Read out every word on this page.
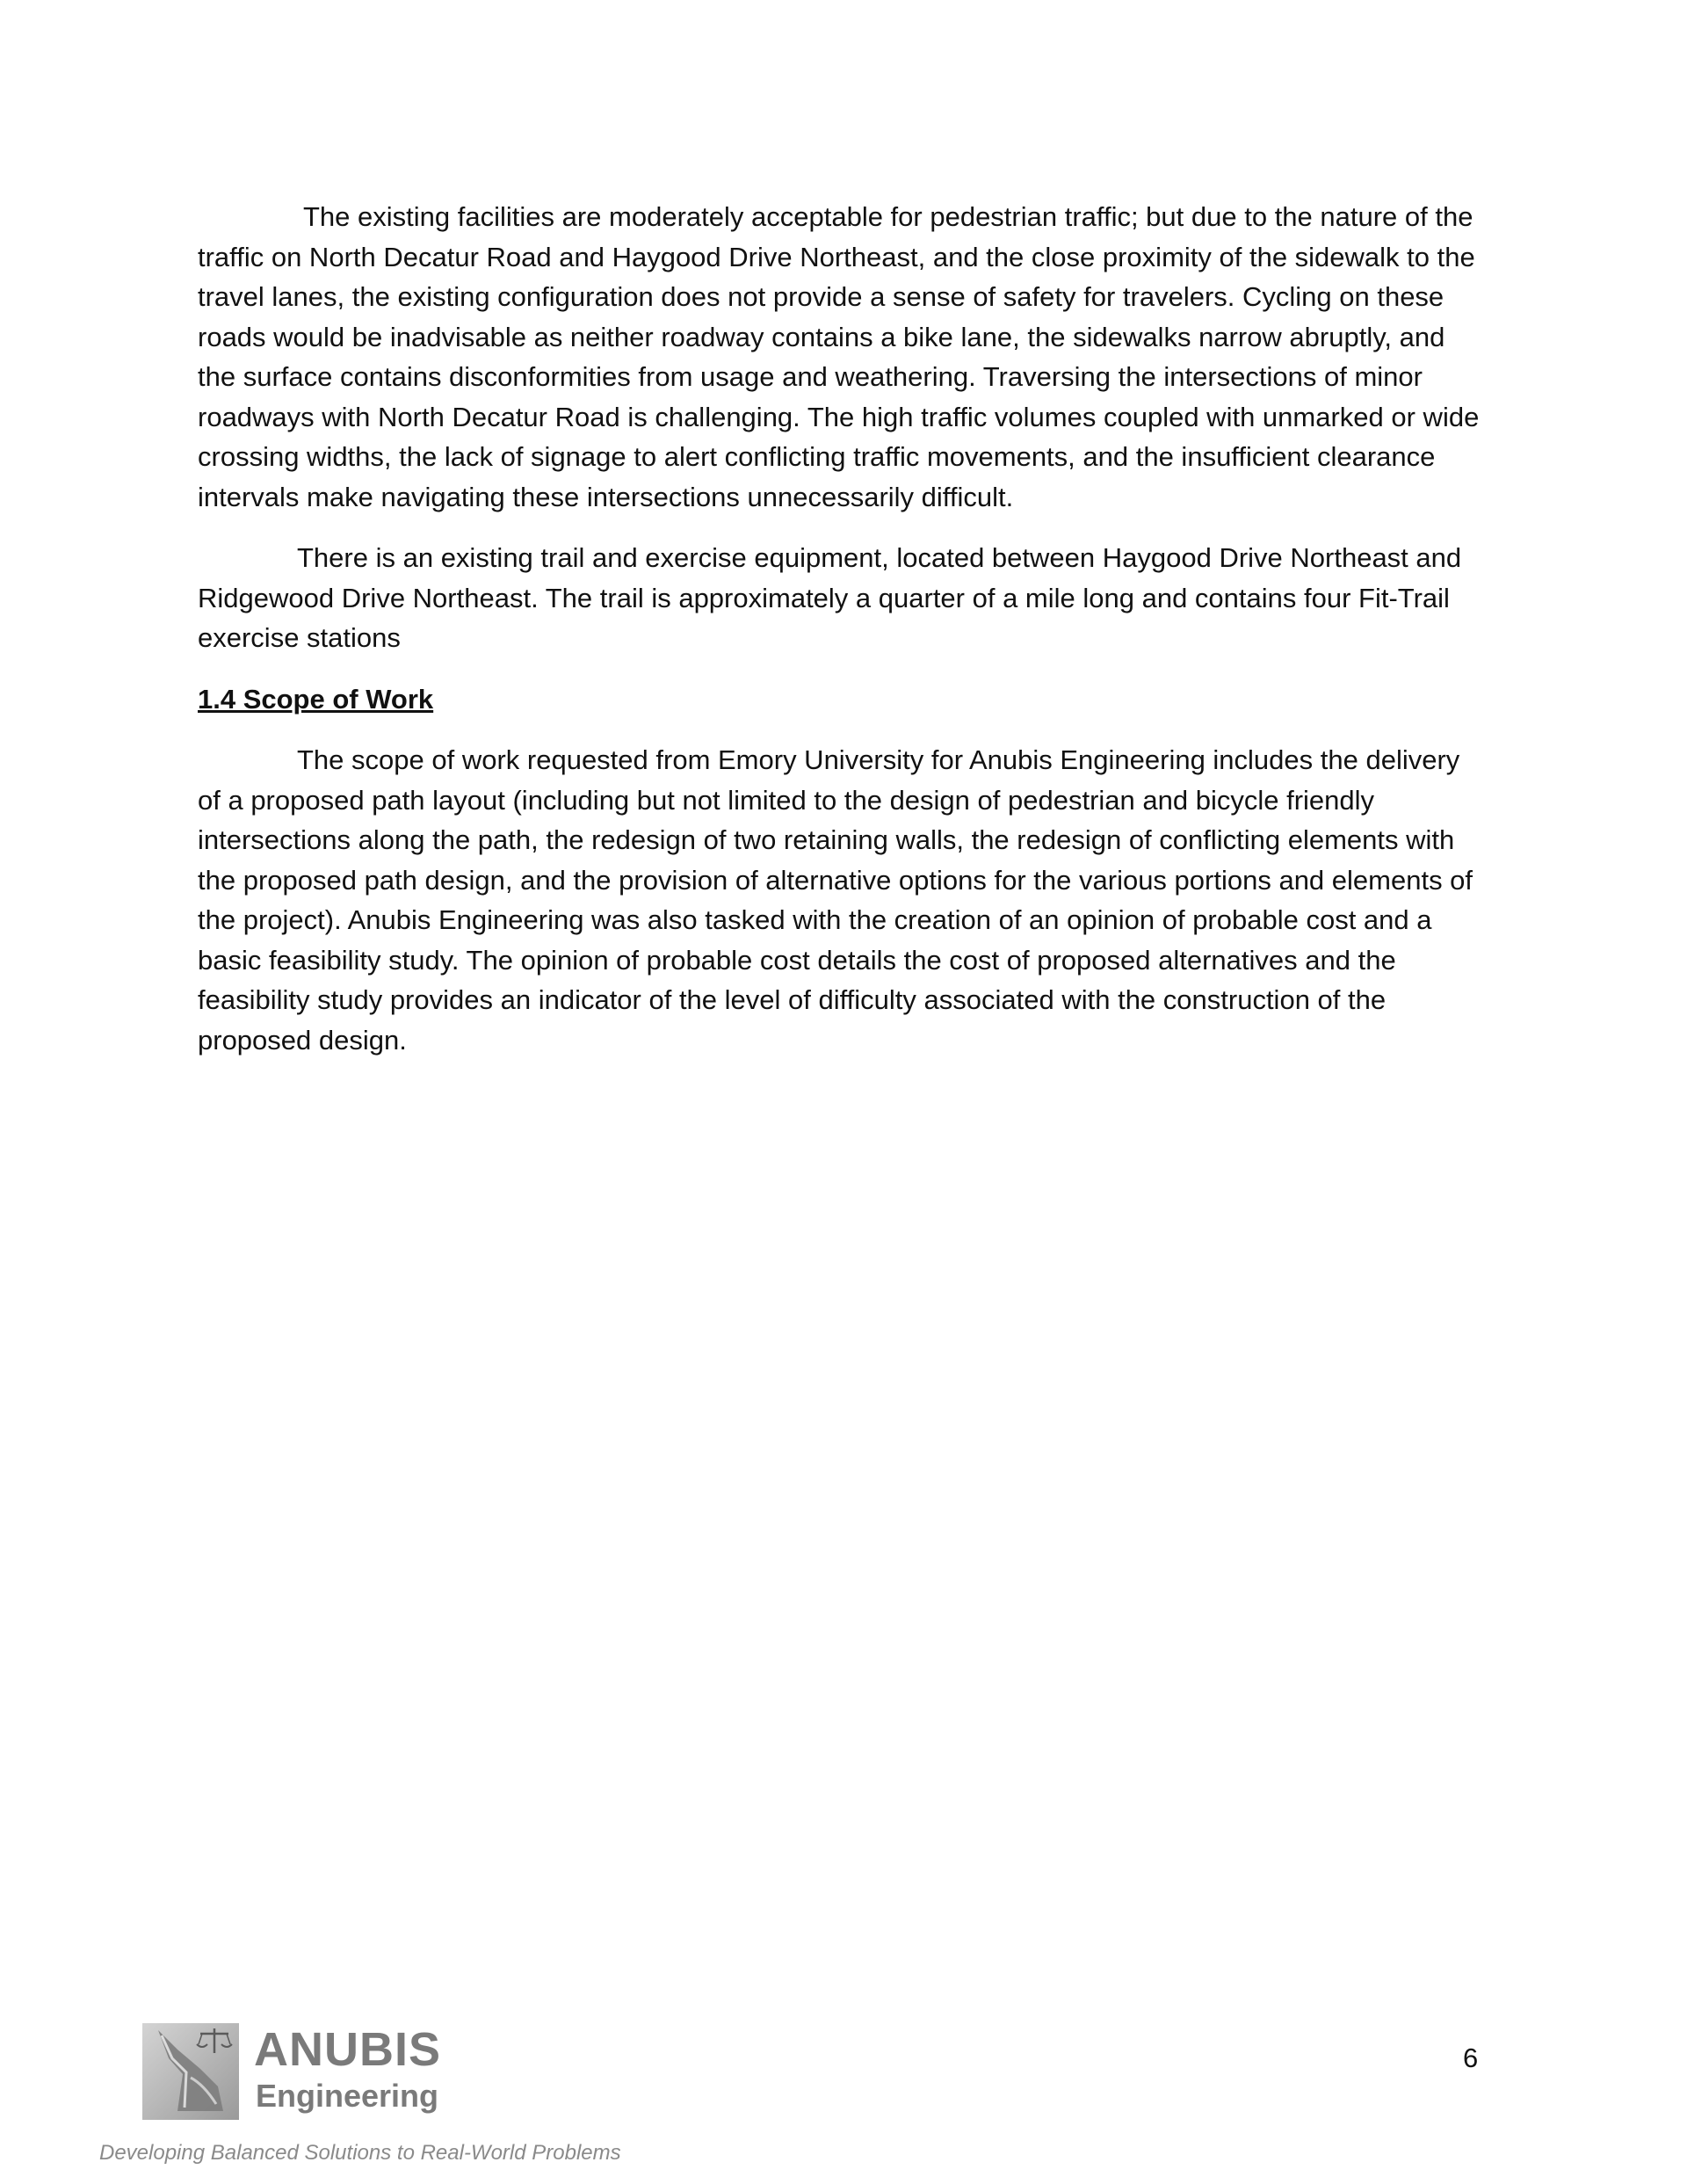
The existing facilities are moderately acceptable for pedestrian traffic; but due to the nature of the traffic on North Decatur Road and Haygood Drive Northeast, and the close proximity of the sidewalk to the travel lanes, the existing configuration does not provide a sense of safety for travelers. Cycling on these roads would be inadvisable as neither roadway contains a bike lane, the sidewalks narrow abruptly, and the surface contains disconformities from usage and weathering. Traversing the intersections of minor roadways with North Decatur Road is challenging. The high traffic volumes coupled with unmarked or wide crossing widths, the lack of signage to alert conflicting traffic movements, and the insufficient clearance intervals make navigating these intersections unnecessarily difficult.

There is an existing trail and exercise equipment, located between Haygood Drive Northeast and Ridgewood Drive Northeast. The trail is approximately a quarter of a mile long and contains four Fit-Trail exercise stations

1.4 Scope of Work

The scope of work requested from Emory University for Anubis Engineering includes the delivery of a proposed path layout (including but not limited to the design of pedestrian and bicycle friendly intersections along the path, the redesign of two retaining walls, the redesign of conflicting elements with the proposed path design, and the provision of alternative options for the various portions and elements of the project). Anubis Engineering was also tasked with the creation of an opinion of probable cost and a basic feasibility study. The opinion of probable cost details the cost of proposed alternatives and the feasibility study provides an indicator of the level of difficulty associated with the construction of the proposed design.

6
ANUBIS
Engineering
Developing Balanced Solutions to Real-World Problems
